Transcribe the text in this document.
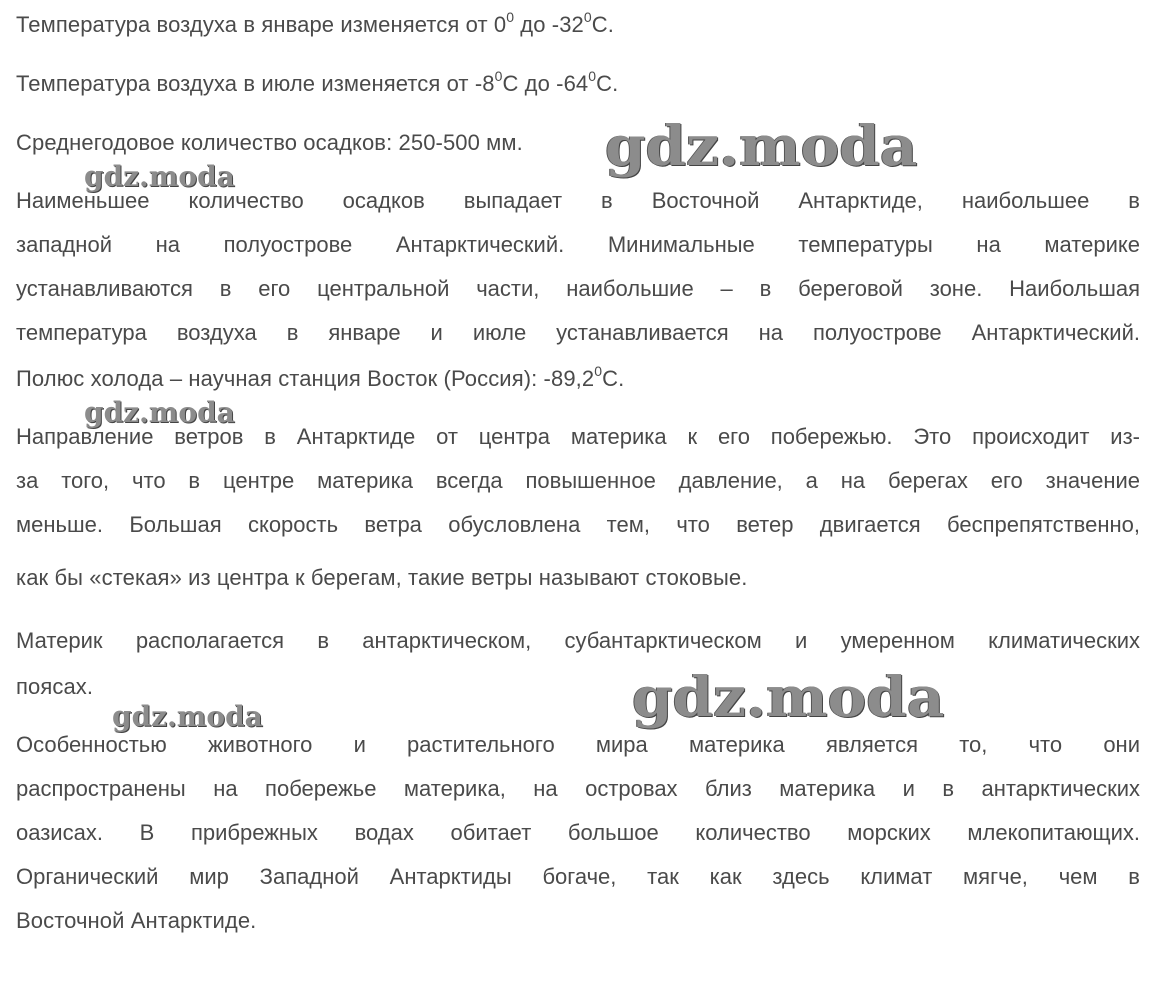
Температура воздуха в январе изменяется от $0^0$ до $-32^0С$.
Температура воздуха в июле изменяется от $-8^0С$ до $-64^0С$.
Среднегодовое количество осадков: 250-500 мм.
Наименьшее количество осадков выпадает в Восточной Антарктиде, наибольшее в
западной на полуострове Антарктический. Минимальные температуры на материке
устанавливаются в его центральной части, наибольшие – в береговой зоне. Наибольшая
температура воздуха в январе и июле устанавливается на полуострове Антарктический.
Полюс холода – научная станция Восток (Россия): -89,2$^0$С.
Направление ветров в Антарктиде от центра материка к его побережью. Это происходит из-
за того, что в центре материка всегда повышенное давление, а на берегах его значение
меньше. Большая скорость ветра обусловлена тем, что ветер двигается беспрепятственно,
как бы «стекая» из центра к берегам, такие ветры называют стоковые.
Материк располагается в антарктическом, субантарктическом и умеренном климатических
поясах.
Особенностью животного и растительного мира материка является то, что они
распространены на побережье материка, на островах близ материка и в антарктических
оазисах. В прибрежных водах обитает большое количество морских млекопитающих.
Органический мир Западной Антарктиды богаче, так как здесь климат мягче, чем в
Восточной Антарктиде.
gdz.moda
gdz.moda
gdz.moda
gdz.moda
gdz.moda
